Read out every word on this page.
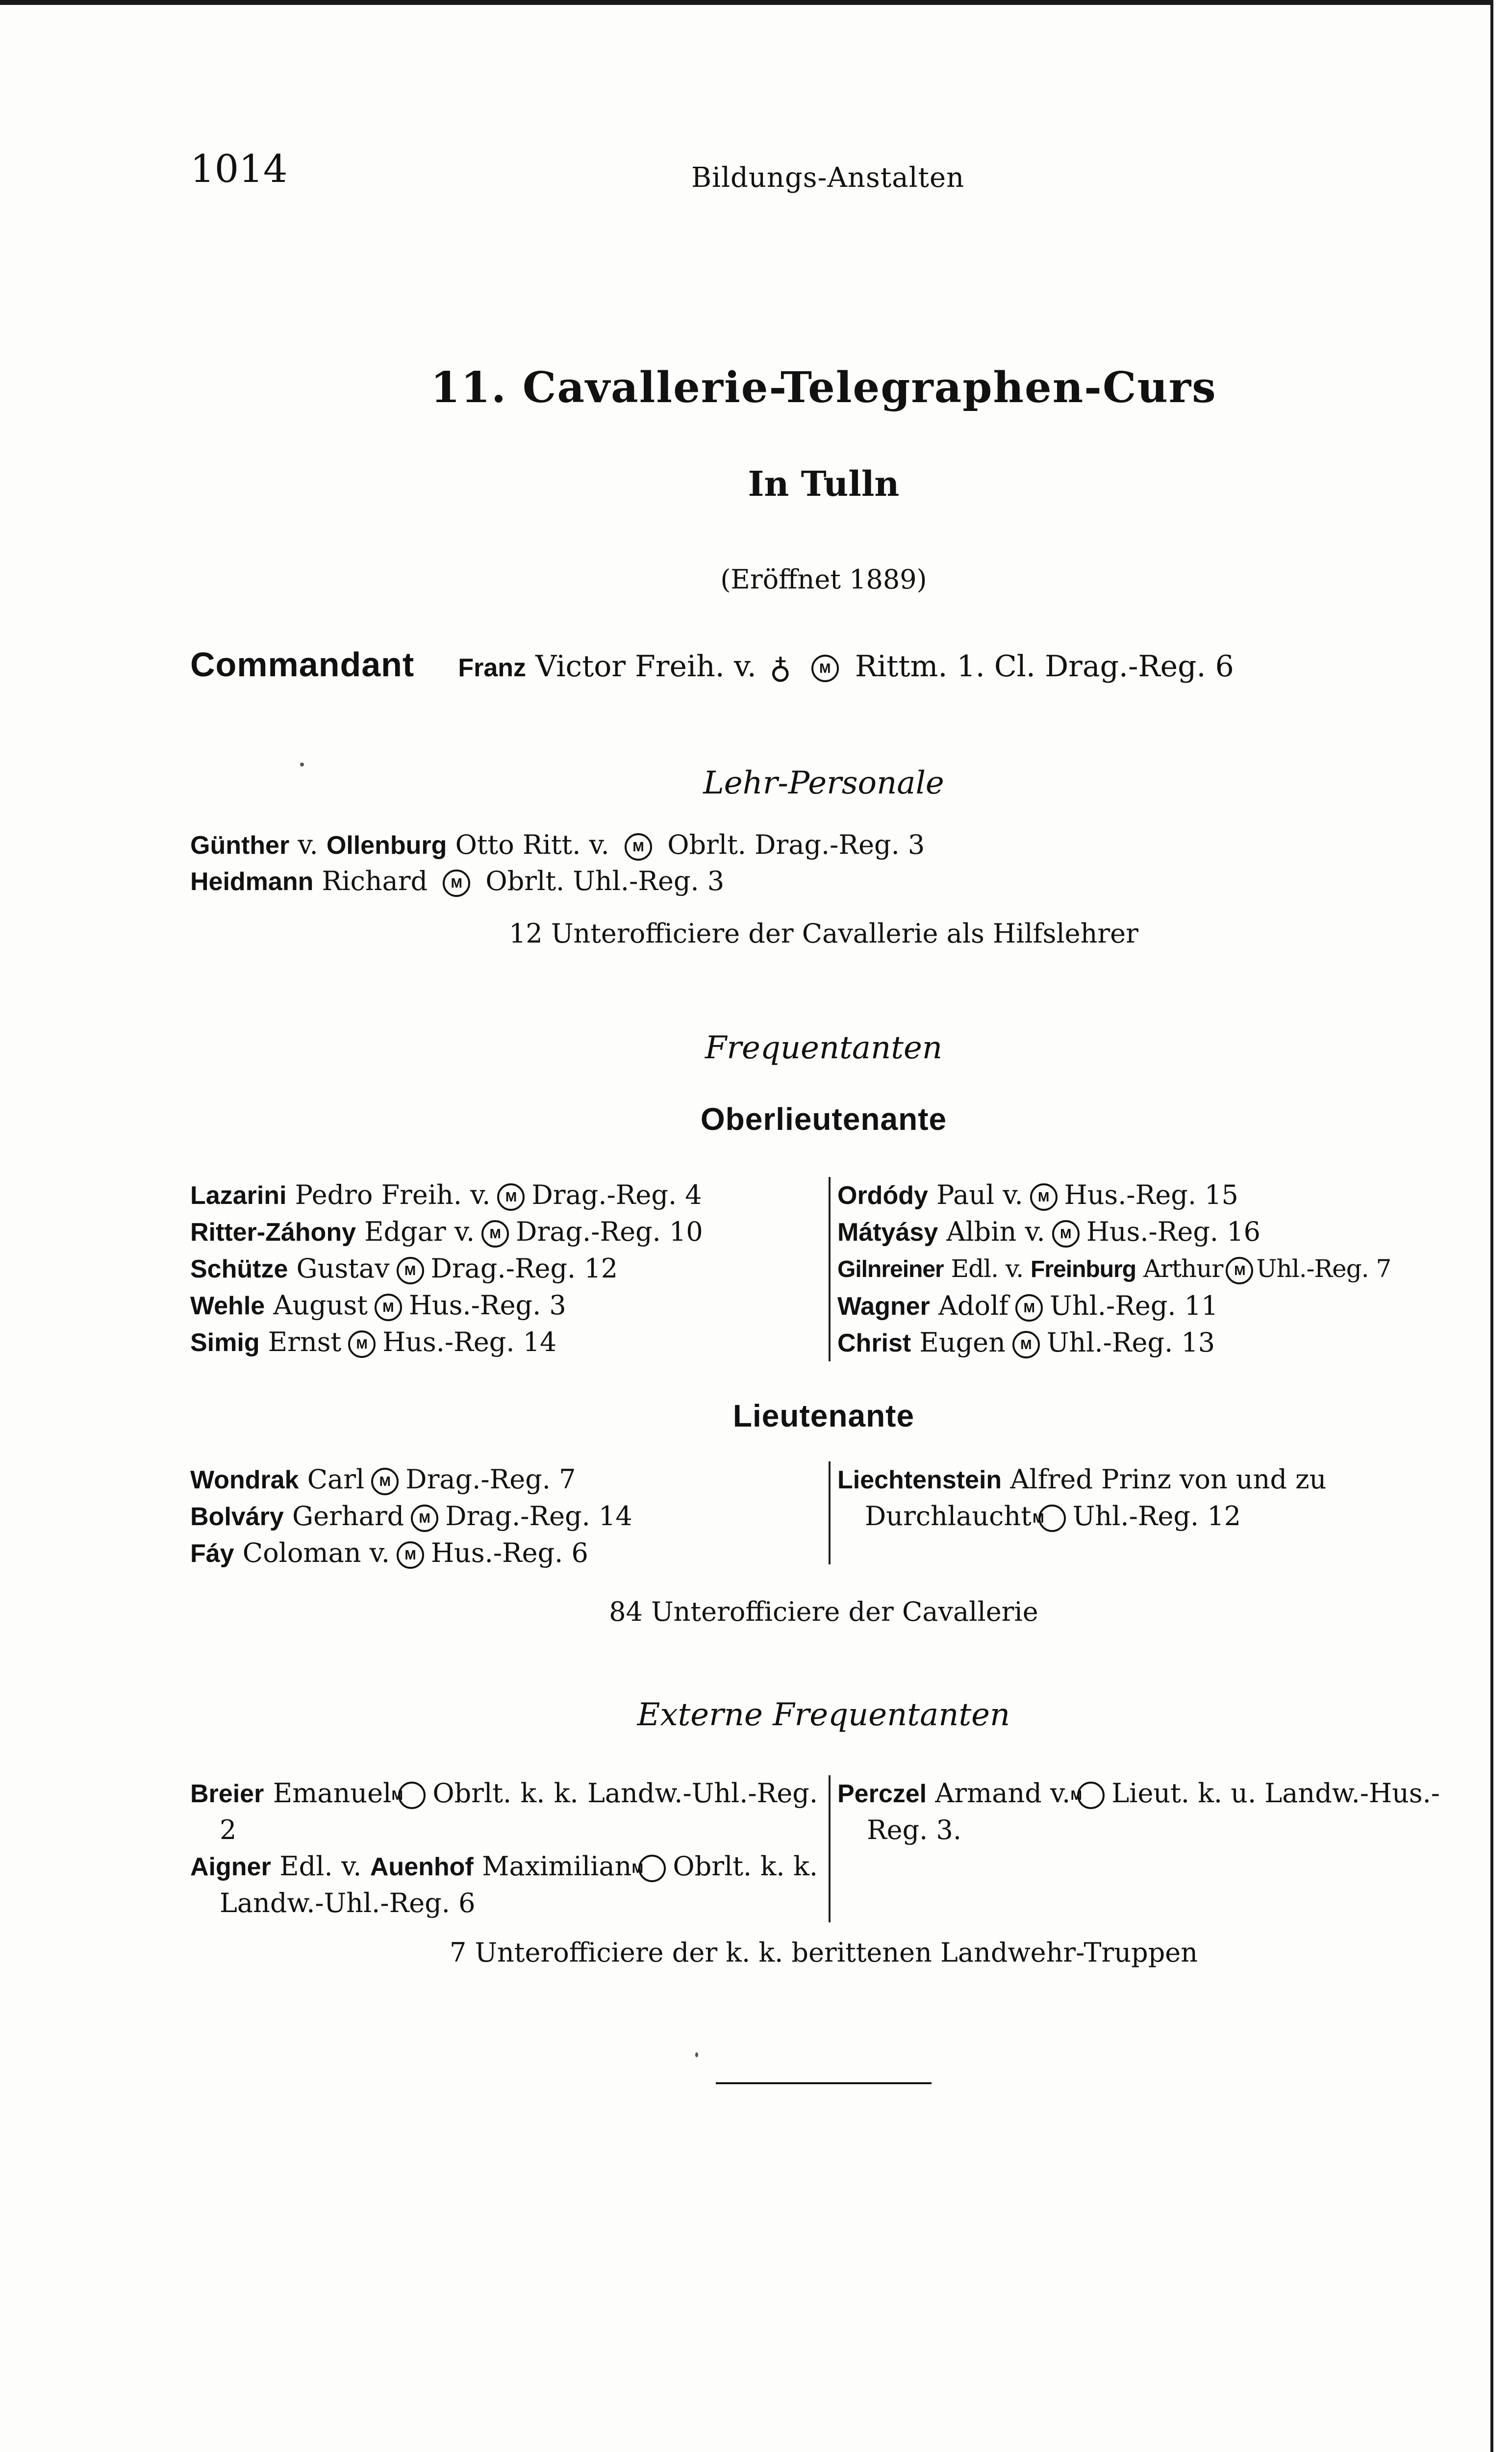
1014	Bildungs-Anstalten
11. Cavallerie-Telegraphen-Curs
In Tulln
(Eröffnet 1889)
Commandant Franz Victor Freih. v. ♁ M Rittm. 1. Cl. Drag.-Reg. 6
Lehr-Personale
Günther v. Ollenburg Otto Ritt. v. M Obrlt. Drag.-Reg. 3
Heidmann Richard M Obrlt. Uhl.-Reg. 3
12 Unterofficiere der Cavallerie als Hilfslehrer
Frequentanten
Oberlieutenante
Lazarini Pedro Freih. v. M Drag.-Reg. 4
Ritter-Záhony Edgar v. M Drag.-Reg. 10
Schütze Gustav M Drag.-Reg. 12
Wehle August M Hus.-Reg. 3
Simig Ernst M Hus.-Reg. 14
Ordódy Paul v. M Hus.-Reg. 15
Mátyásy Albin v. M Hus.-Reg. 16
Gilnreiner Edl. v. Freinburg Arthur M Uhl.-Reg. 7
Wagner Adolf M Uhl.-Reg. 11
Christ Eugen M Uhl.-Reg. 13
Lieutenante
Wondrak Carl M Drag.-Reg. 7
Bolváry Gerhard M Drag.-Reg. 14
Fáy Coloman v. M Hus.-Reg. 6
Liechtenstein Alfred Prinz von und zu DurchlauchtM Uhl.-Reg. 12
84 Unterofficiere der Cavallerie
Externe Frequentanten
Breier EmanuelM Obrlt. k. k. Landw.-Uhl.-Reg. 2
Aigner Edl. v. Auenhof MaximilianM Obrlt. k. k. Landw.-Uhl.-Reg. 6
Perczel Armand v.M Lieut. k. u. Landw.-Hus.-Reg. 3.
7 Unterofficiere der k. k. berittenen Landwehr-Truppen
